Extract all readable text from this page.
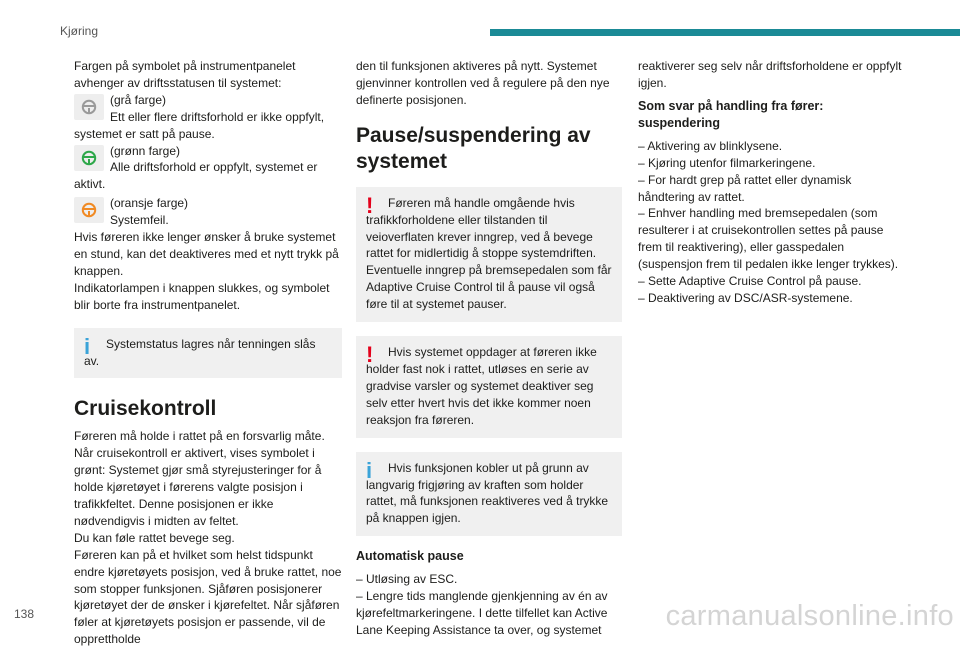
Kjøring

Fargen på symbolet på instrumentpanelet avhenger av driftsstatusen til systemet:

(grå farge)

Ett eller flere driftsforhold er ikke oppfylt,

systemet er satt på pause.

(grønn farge)

Alle driftsforhold er oppfylt, systemet er

aktivt.

(oransje farge)

Systemfeil.

Hvis føreren ikke lenger ønsker å bruke systemet en stund, kan det deaktiveres med et nytt trykk på knappen.

Indikatorlampen i knappen slukkes, og symbolet blir borte fra instrumentpanelet.

i	Systemstatus lagres når tenningen slås av.

Cruisekontroll

Føreren må holde i rattet på en forsvarlig måte. Når cruisekontroll er aktivert, vises symbolet i grønt: Systemet gjør små styrejusteringer for å holde kjøretøyet i førerens valgte posisjon i trafikkfeltet. Denne posisjonen er ikke nødvendigvis i midten av feltet.

Du kan føle rattet bevege seg.

Føreren kan på et hvilket som helst tidspunkt endre kjøretøyets posisjon, ved å bruke rattet, noe som stopper funksjonen. Sjåføren posisjonerer kjøretøyet der de ønsker i kjørefeltet. Når sjåføren føler at kjøretøyets posisjon er passende, vil de opprettholde

den til funksjonen aktiveres på nytt. Systemet gjenvinner kontrollen ved å regulere på den nye definerte posisjonen.

Pause/suspendering av systemet
!	Føreren må handle omgående hvis trafikkforholdene eller tilstanden til veioverflaten krever inngrep, ved å bevege rattet for midlertidig å stoppe systemdriften. Eventuelle inngrep på bremsepedalen som får Adaptive Cruise Control til å pause vil også føre til at systemet pauser.

!	Hvis systemet oppdager at føreren ikke holder fast nok i rattet, utløses en serie av gradvise varsler og systemet deaktiver seg selv etter hvert hvis det ikke kommer noen reaksjon fra føreren.

i	Hvis funksjonen kobler ut på grunn av langvarig frigjøring av kraften som holder rattet, må funksjonen reaktiveres ved å trykke på knappen igjen.

Automatisk pause

– Utløsing av ESC.

– Lengre tids manglende gjenkjenning av én av kjørefeltmarkeringene. I dette tilfellet kan Active Lane Keeping Assistance ta over, og systemet

reaktiverer seg selv når driftsforholdene er oppfylt igjen.

Som svar på handling fra fører: suspendering

– Aktivering av blinklysene.

– Kjøring utenfor filmarkeringene.

– For hardt grep på rattet eller dynamisk håndtering av rattet.

– Enhver handling med bremsepedalen (som resulterer i at cruisekontrollen settes på pause frem til reaktivering), eller gasspedalen (suspensjon frem til pedalen ikke lenger trykkes).

– Sette Adaptive Cruise Control på pause.

– Deaktivering av DSC/ASR-systemene.

138	carmanualsonline.info
